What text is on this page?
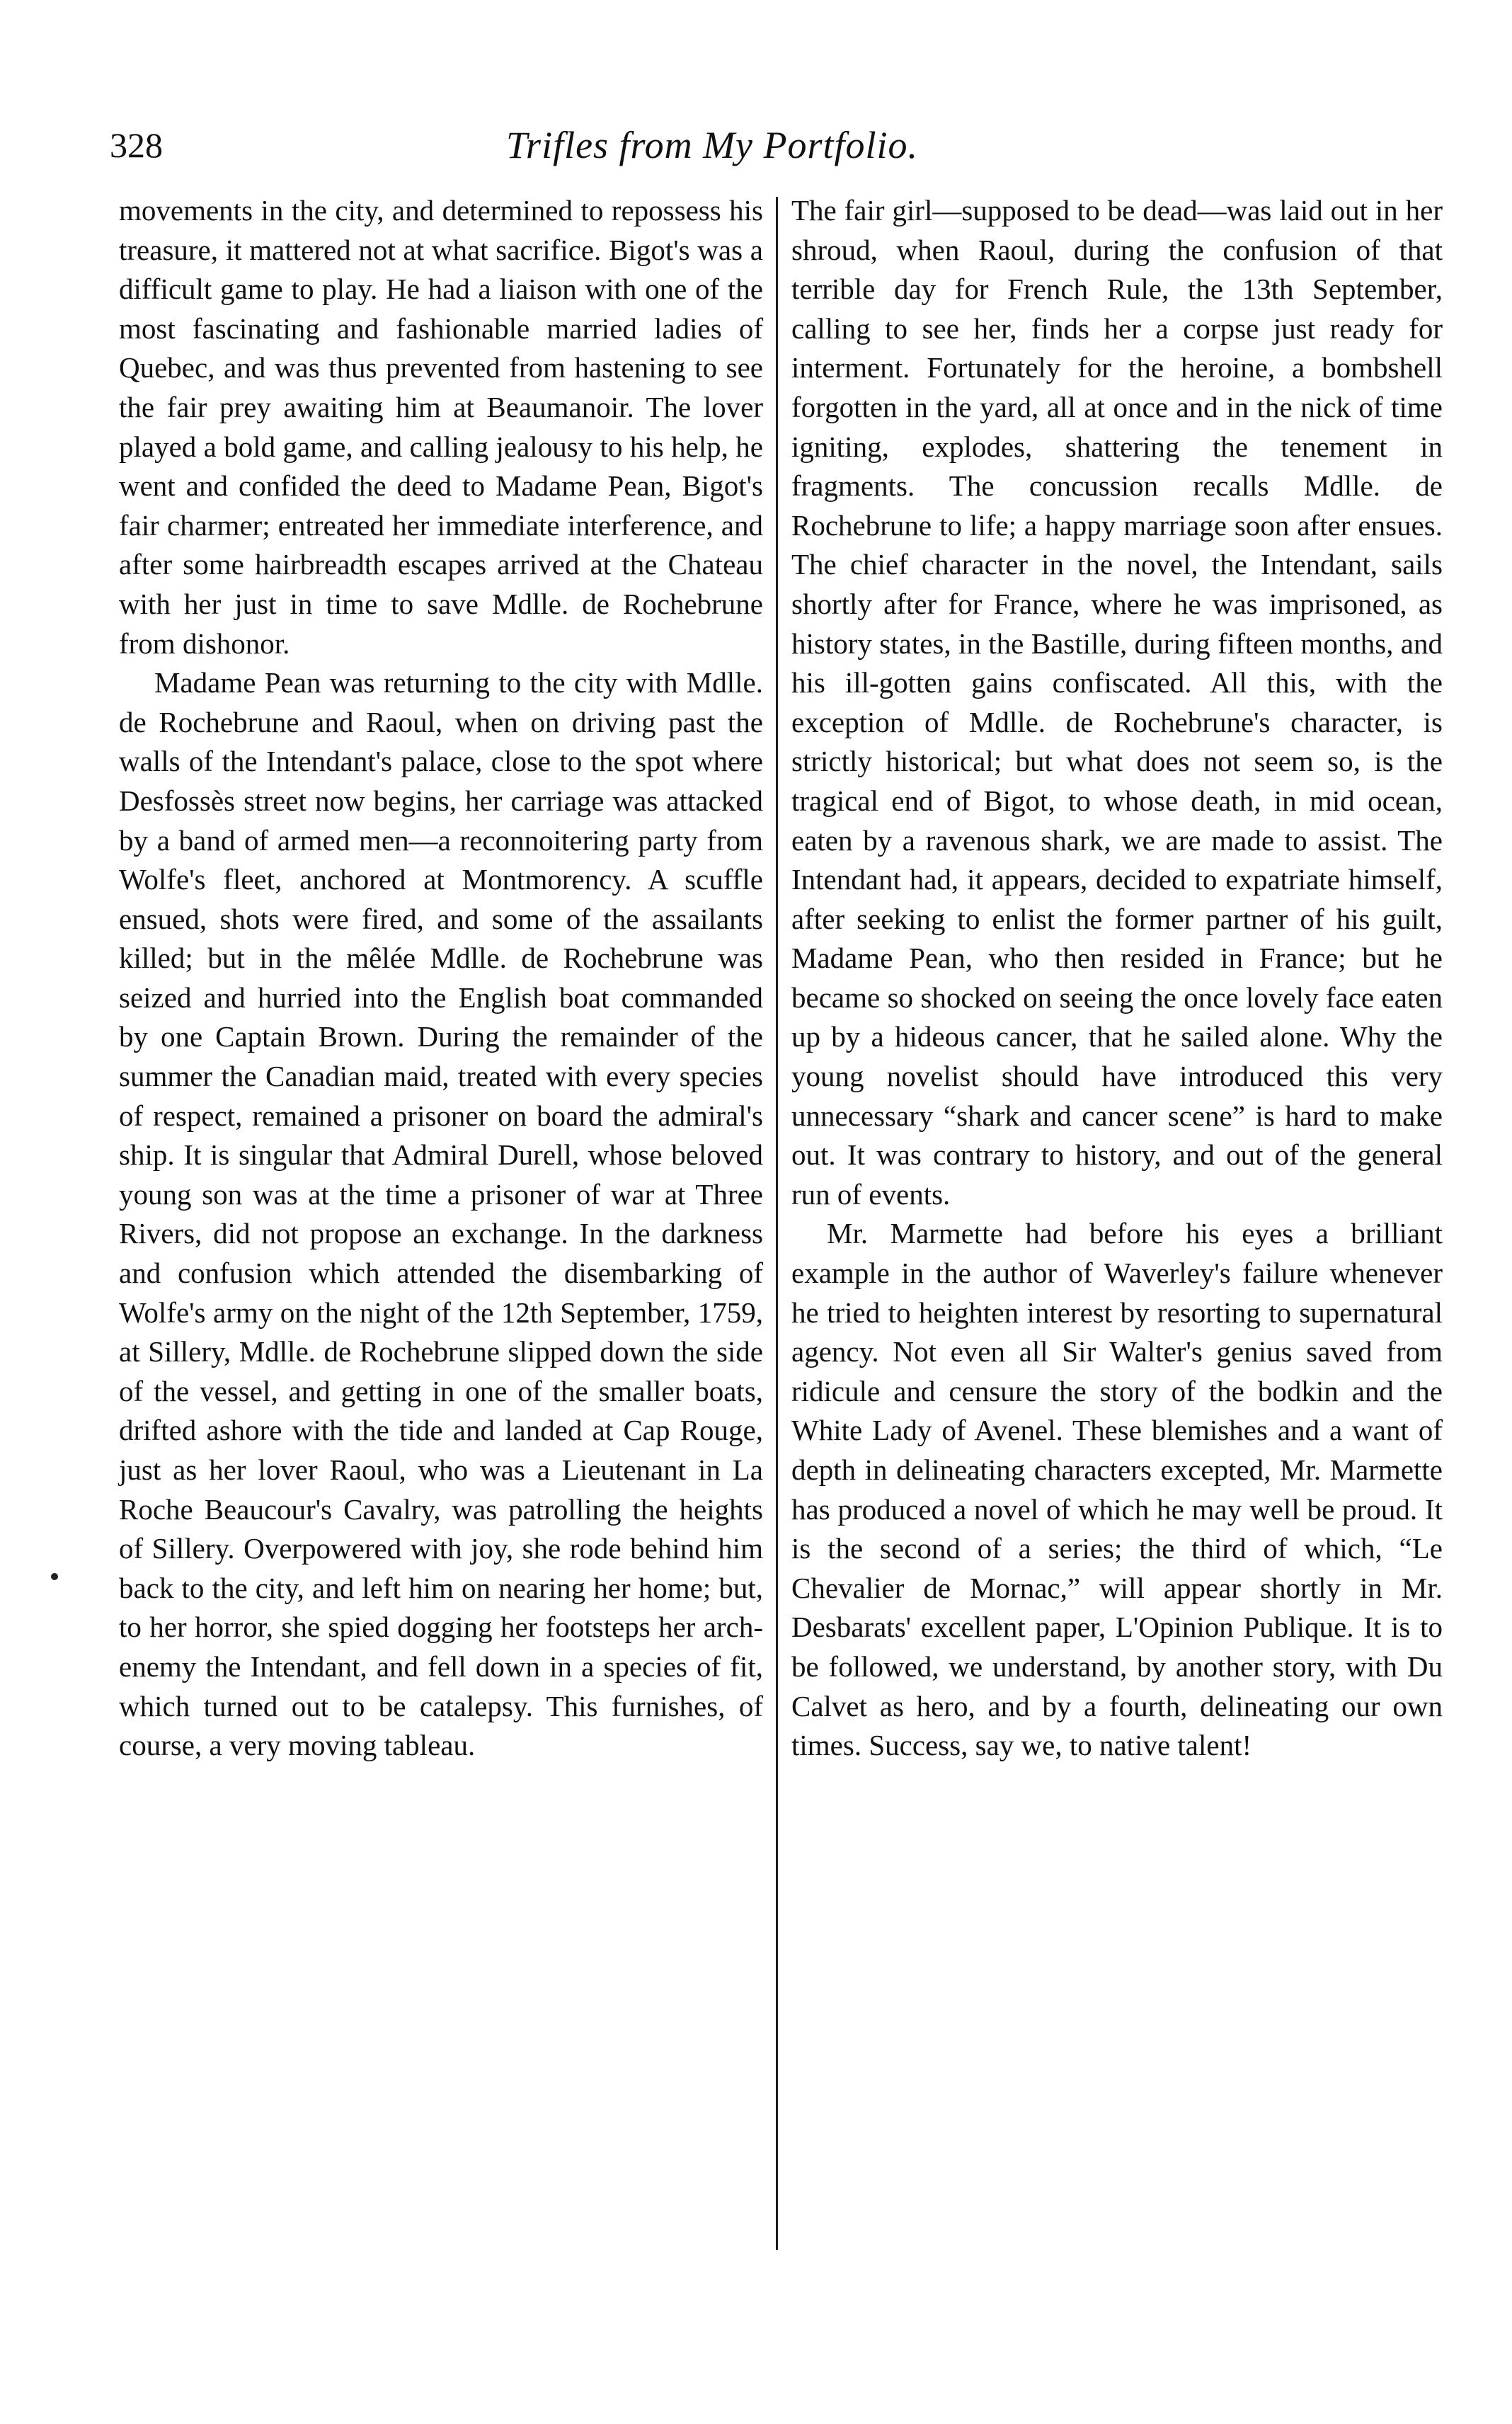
328	Trifles from My Portfolio.

movements in the city, and determined to repossess his treasure, it mattered not at what sacrifice. Bigot's was a difficult game to play. He had a liaison with one of the most fascinating and fashionable married ladies of Quebec, and was thus prevented from hastening to see the fair prey awaiting him at Beaumanoir. The lover played a bold game, and calling jealousy to his help, he went and confided the deed to Madame Pean, Bigot's fair charmer; entreated her immediate interference, and after some hairbreadth escapes arrived at the Chateau with her just in time to save Mdlle. de Rochebrune from dishonor.

Madame Pean was returning to the city with Mdlle. de Rochebrune and Raoul, when on driving past the walls of the Intendant's palace, close to the spot where Desfossès street now begins, her carriage was attacked by a band of armed men—a reconnoitering party from Wolfe's fleet, anchored at Montmorency. A scuffle ensued, shots were fired, and some of the assailants killed; but in the mêlée Mdlle. de Rochebrune was seized and hurried into the English boat commanded by one Captain Brown. During the remainder of the summer the Canadian maid, treated with every species of respect, remained a prisoner on board the admiral's ship. It is singular that Admiral Durell, whose beloved young son was at the time a prisoner of war at Three Rivers, did not propose an exchange. In the darkness and confusion which attended the disembarking of Wolfe's army on the night of the 12th September, 1759, at Sillery, Mdlle. de Rochebrune slipped down the side of the vessel, and getting in one of the smaller boats, drifted ashore with the tide and landed at Cap Rouge, just as her lover Raoul, who was a Lieutenant in La Roche Beaucour's Cavalry, was patrolling the heights of Sillery. Overpowered with joy, she rode behind him back to the city, and left him on nearing her home; but, to her horror, she spied dogging her footsteps her arch-enemy the Intendant, and fell down in a species of fit, which turned out to be catalepsy. This furnishes, of course, a very moving tableau.

The fair girl—supposed to be dead—was laid out in her shroud, when Raoul, during the confusion of that terrible day for French Rule, the 13th September, calling to see her, finds her a corpse just ready for interment. Fortunately for the heroine, a bombshell forgotten in the yard, all at once and in the nick of time igniting, explodes, shattering the tenement in fragments. The concussion recalls Mdlle. de Rochebrune to life; a happy marriage soon after ensues. The chief character in the novel, the Intendant, sails shortly after for France, where he was imprisoned, as history states, in the Bastille, during fifteen months, and his ill-gotten gains confiscated. All this, with the exception of Mdlle. de Rochebrune's character, is strictly historical; but what does not seem so, is the tragical end of Bigot, to whose death, in mid ocean, eaten by a ravenous shark, we are made to assist. The Intendant had, it appears, decided to expatriate himself, after seeking to enlist the former partner of his guilt, Madame Pean, who then resided in France; but he became so shocked on seeing the once lovely face eaten up by a hideous cancer, that he sailed alone. Why the young novelist should have introduced this very unnecessary “shark and cancer scene” is hard to make out. It was contrary to history, and out of the general run of events.

Mr. Marmette had before his eyes a brilliant example in the author of Waverley's failure whenever he tried to heighten interest by resorting to supernatural agency. Not even all Sir Walter's genius saved from ridicule and censure the story of the bodkin and the White Lady of Avenel. These blemishes and a want of depth in delineating characters excepted, Mr. Marmette has produced a novel of which he may well be proud. It is the second of a series; the third of which, “Le Chevalier de Mornac,” will appear shortly in Mr. Desbarats' excellent paper, L'Opinion Publique. It is to be followed, we understand, by another story, with Du Calvet as hero, and by a fourth, delineating our own times. Success, say we, to native talent!
